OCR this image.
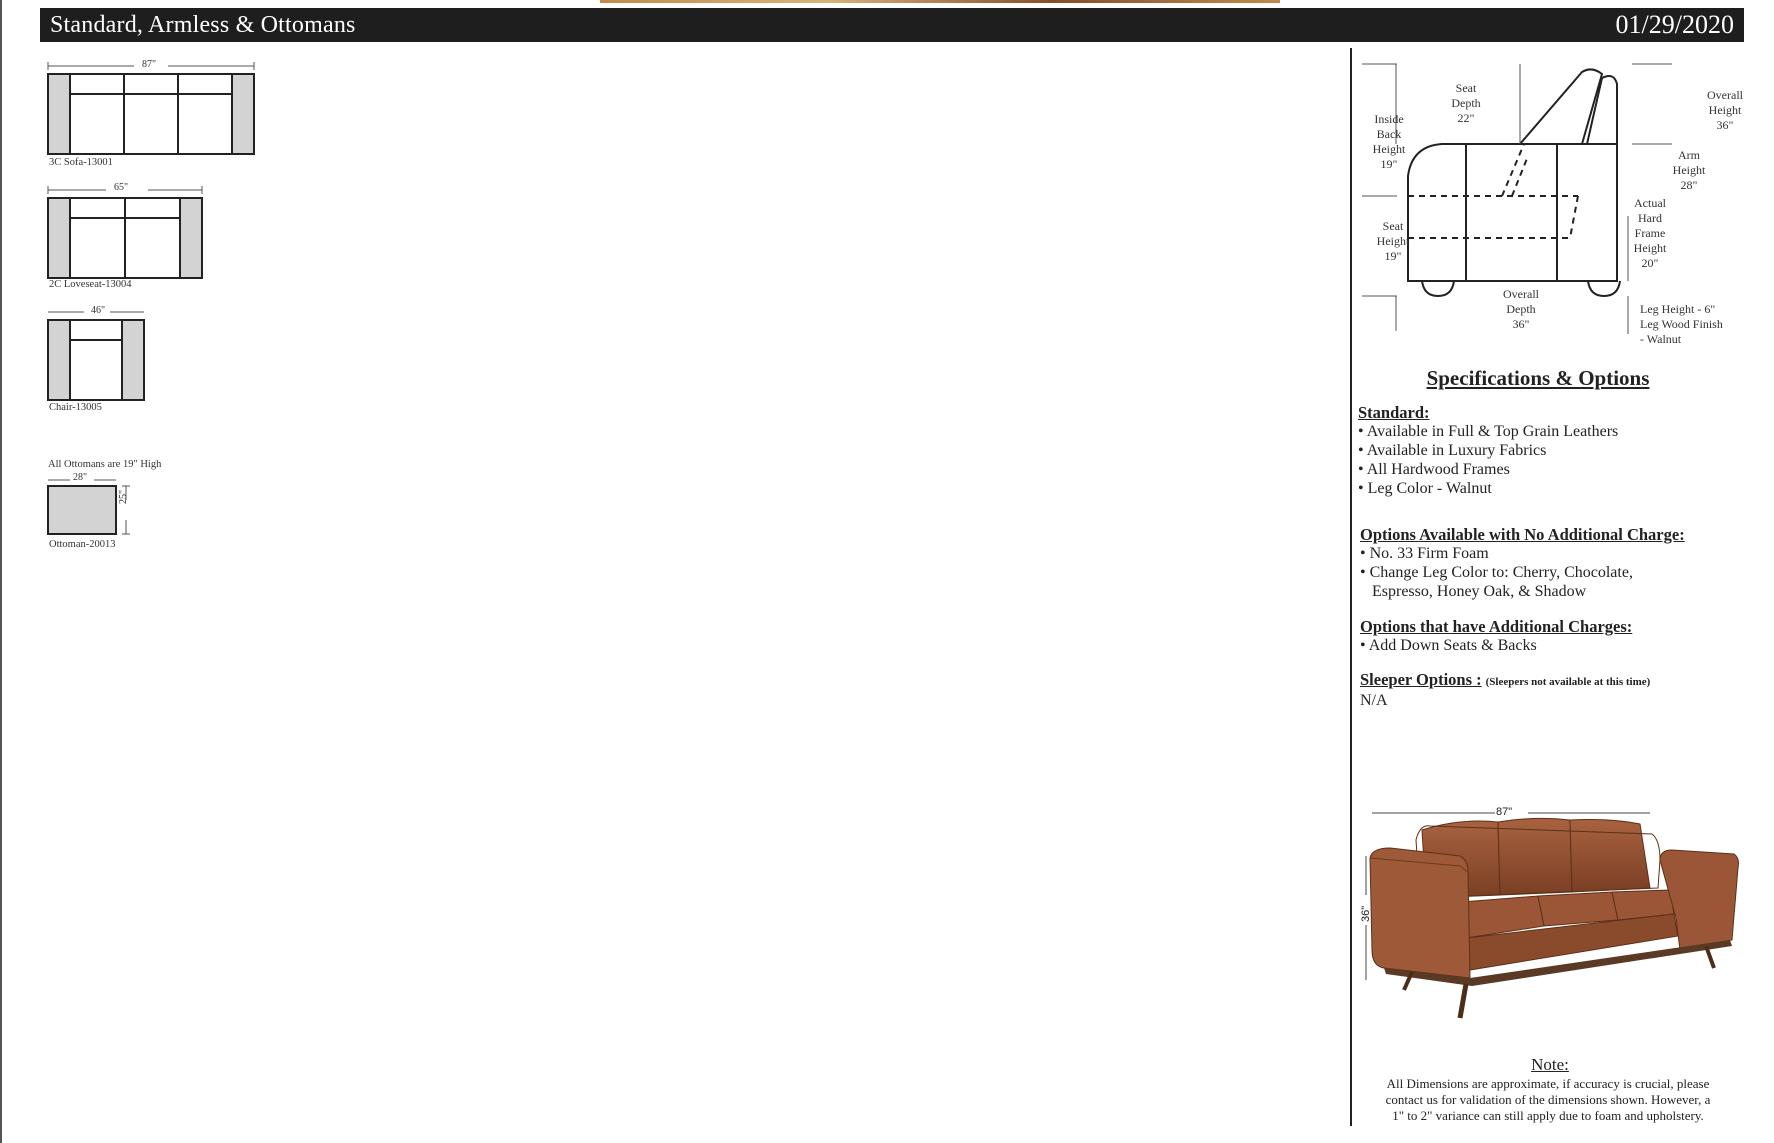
Standard, Armless & Ottomans	01/29/2020
87"
3C Sofa-13001
65"
2C Loveseat-13004
46"
Chair-13005
All Ottomans are 19" High
28"
25"
Ottoman-20013
Inside
Back
Height
19"
Seat
Depth
22"
Overall
Height
36"
Arm
Height
28"
Seat
Height
19"
Actual
Hard
Frame
Height
20"
Overall
Depth
36"
Leg Height - 6"
Leg Wood Finish
- Walnut
Specifications & Options
Standard:
• Available in Full & Top Grain Leathers
• Available in Luxury Fabrics
• All Hardwood Frames
• Leg Color - Walnut
Options Available with No Additional Charge:
• No. 33 Firm Foam
• Change Leg Color to: Cherry, Chocolate,
Espresso, Honey Oak, & Shadow
Options that have Additional Charges:
• Add Down Seats & Backs
Sleeper Options : (Sleepers not available at this time)
N/A
87"
36"
Note:
All Dimensions are approximate, if accuracy is crucial, please
contact us for validation of the dimensions shown. However, a
1" to 2" variance can still apply due to foam and upholstery.
